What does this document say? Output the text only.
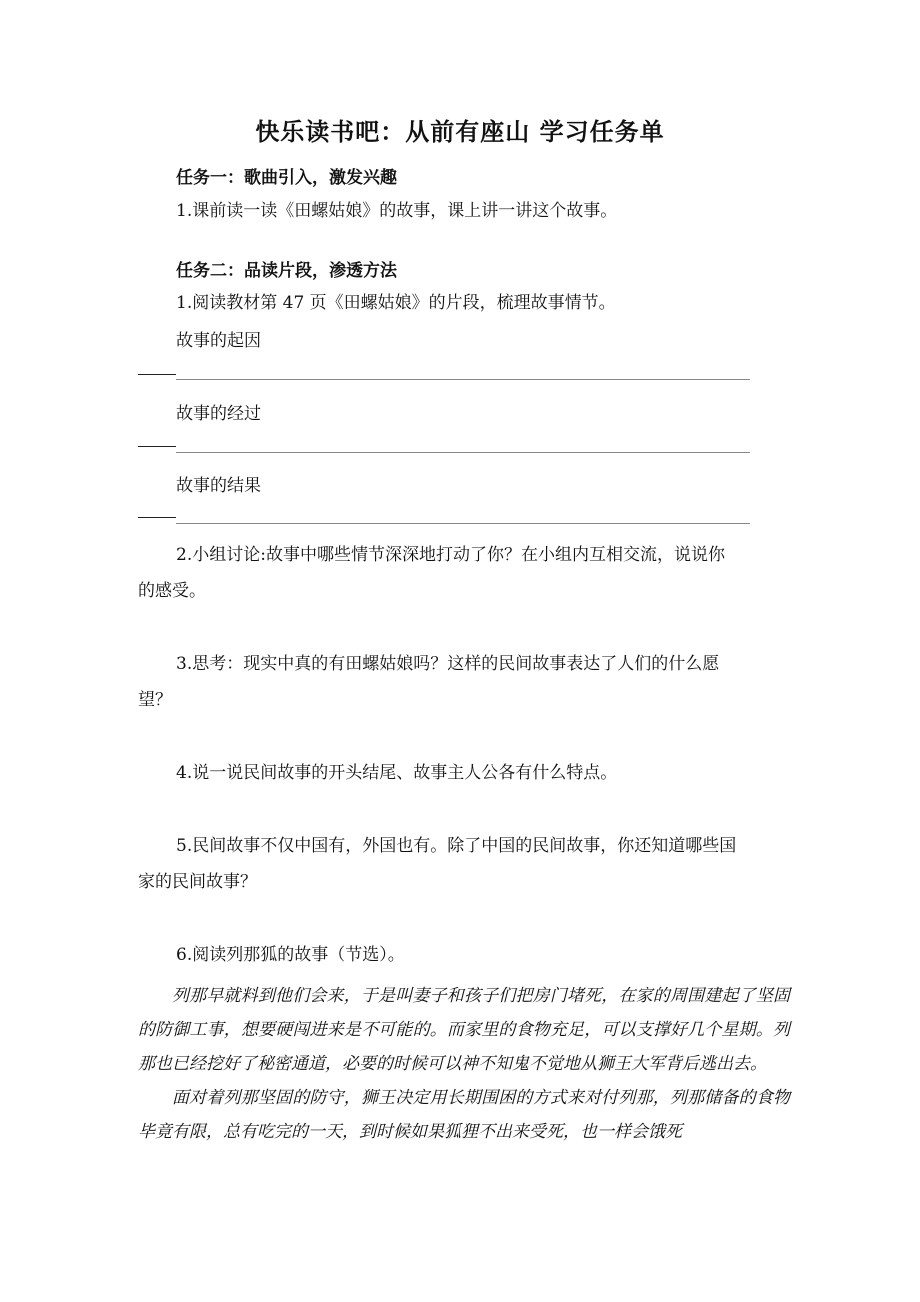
快乐读书吧：从前有座山 学习任务单
任务一：歌曲引入，激发兴趣
1.课前读一读《田螺姑娘》的故事，课上讲一讲这个故事。
任务二：品读片段，渗透方法
1.阅读教材第 47 页《田螺姑娘》的片段，梳理故事情节。
故事的起因
故事的经过
故事的结果
2.小组讨论:故事中哪些情节深深地打动了你？在小组内互相交流，说说你
的感受。
3.思考：现实中真的有田螺姑娘吗？这样的民间故事表达了人们的什么愿
望？
4.说一说民间故事的开头结尾、故事主人公各有什么特点。
5.民间故事不仅中国有，外国也有。除了中国的民间故事，你还知道哪些国
家的民间故事？
6.阅读列那狐的故事（节选）。

列那早就料到他们会来，于是叫妻子和孩子们把房门堵死，在家的周围建起了坚固的防御工事，想要硬闯进来是不可能的。而家里的食物充足，可以支撑好几个星期。列那也已经挖好了秘密通道，必要的时候可以神不知鬼不觉地从狮王大军背后逃出去。

面对着列那坚固的防守，狮王决定用长期围困的方式来对付列那，列那储备的食物毕竟有限，总有吃完的一天，到时候如果狐狸不出来受死，也一样会饿死
